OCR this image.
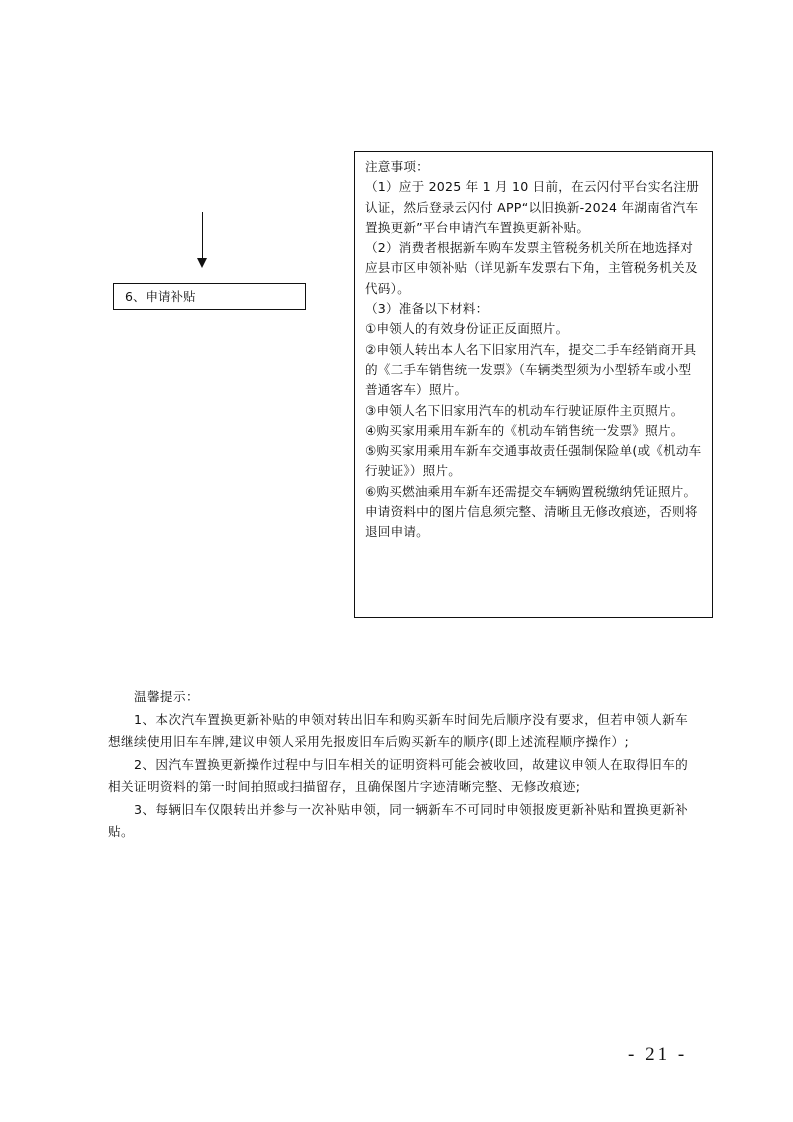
6、申请补贴

注意事项：

（1）应于 2025 年 1 月 10 日前，在云闪付平台实名注册认证，然后登录云闪付 APP“以旧换新-2024 年湖南省汽车置换更新”平台申请汽车置换更新补贴。

（2）消费者根据新车购车发票主管税务机关所在地选择对应县市区申领补贴（详见新车发票右下角，主管税务机关及代码）。

（3）准备以下材料：

①申领人的有效身份证正反面照片。

②申领人转出本人名下旧家用汽车，提交二手车经销商开具的《二手车销售统一发票》（车辆类型须为小型轿车或小型普通客车）照片。

③申领人名下旧家用汽车的机动车行驶证原件主页照片。

④购买家用乘用车新车的《机动车销售统一发票》照片。

⑤购买家用乘用车新车交通事故责任强制保险单(或《机动车行驶证》）照片。

⑥购买燃油乘用车新车还需提交车辆购置税缴纳凭证照片。

申请资料中的图片信息须完整、清晰且无修改痕迹，否则将退回申请。

温馨提示：

1、本次汽车置换更新补贴的申领对转出旧车和购买新车时间先后顺序没有要求，但若申领人新车想继续使用旧车车牌,建议申领人采用先报废旧车后购买新车的顺序(即上述流程顺序操作）;

2、因汽车置换更新操作过程中与旧车相关的证明资料可能会被收回，故建议申领人在取得旧车的相关证明资料的第一时间拍照或扫描留存，且确保图片字迹清晰完整、无修改痕迹;

3、每辆旧车仅限转出并参与一次补贴申领，同一辆新车不可同时申领报废更新补贴和置换更新补贴。

- 21 -
